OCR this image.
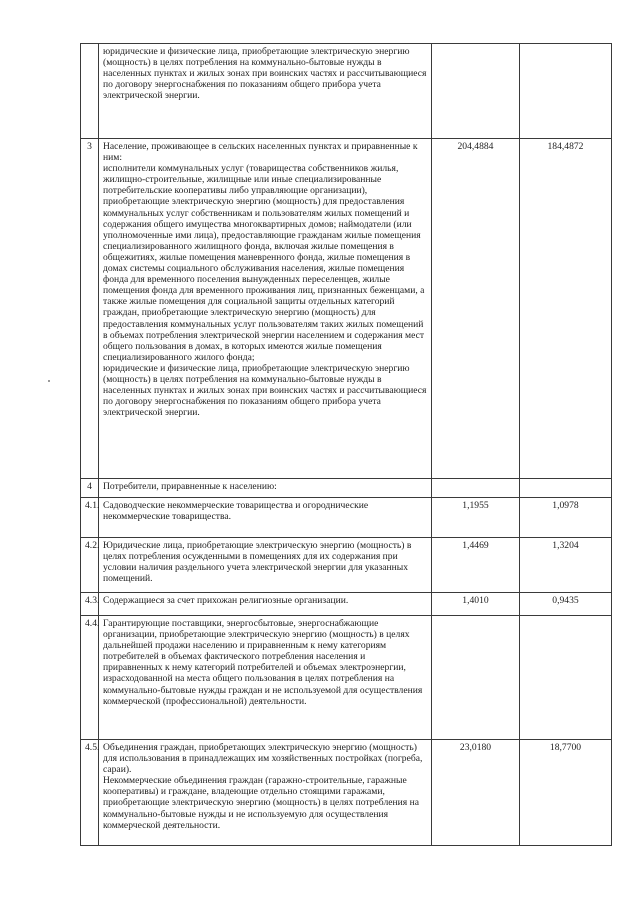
	юридические и физические лица, приобретающие электрическую энергию (мощность) в целях потребления на коммунально-бытовые нужды в населенных пунктах и жилых зонах при воинских частях и рассчитывающиеся по договору энергоснабжения по показаниям общего прибора учета электрической энергии.		

3	Население, проживающее в сельских населенных пунктах и приравненные к ним:
исполнители коммунальных услуг (товарищества собственников жилья, жилищно-строительные, жилищные или иные специализированные потребительские кооперативы либо управляющие организации), приобретающие электрическую энергию (мощность) для предоставления коммунальных услуг собственникам и пользователям жилых помещений и содержания общего имущества многоквартирных домов; наймодатели (или уполномоченные ими лица), предоставляющие гражданам жилые помещения специализированного жилищного фонда, включая жилые помещения в общежитиях, жилые помещения маневренного фонда, жилые помещения в домах системы социального обслуживания населения, жилые помещения фонда для временного поселения вынужденных переселенцев, жилые помещения фонда для временного проживания лиц, признанных беженцами, а также жилые помещения для социальной защиты отдельных категорий граждан, приобретающие электрическую энергию (мощность) для предоставления коммунальных услуг пользователям таких жилых помещений в объемах потребления электрической энергии населением и содержания мест общего пользования в домах, в которых имеются жилые помещения специализированного жилого фонда;
юридические и физические лица, приобретающие электрическую энергию (мощность) в целях потребления на коммунально-бытовые нужды в населенных пунктах и жилых зонах при воинских частях и рассчитывающиеся по договору энергоснабжения по показаниям общего прибора учета электрической энергии.	204,4884	184,4872
4	Потребители, приравненные к населению:		

4.1.	Садоводческие некоммерческие товарищества и огороднические некоммерческие товарищества.	1,1955	1,0978
4.2.	Юридические лица, приобретающие электрическую энергию (мощность) в целях потребления осужденными в помещениях для их содержания при условии наличия раздельного учета электрической энергии для указанных помещений.	1,4469	1,3204
4.3.	Содержащиеся за счет прихожан религиозные организации.	1,4010	0,9435
4.4.	Гарантирующие поставщики, энергосбытовые, энергоснабжающие организации, приобретающие электрическую энергию (мощность) в целях дальнейшей продажи населению и приравненным к нему категориям потребителей в объемах фактического потребления населения и приравненных к нему категорий потребителей и объемах электроэнергии, израсходованной на места общего пользования в целях потребления на коммунально-бытовые нужды граждан и не используемой для осуществления коммерческой (профессиональной) деятельности.		

4.5.	Объединения граждан, приобретающих электрическую энергию (мощность) для использования в принадлежащих им хозяйственных постройках (погреба, сараи).
Некоммерческие объединения граждан (гаражно-строительные, гаражные кооперативы) и граждане, владеющие отдельно стоящими гаражами, приобретающие электрическую энергию (мощность) в целях потребления на коммунально-бытовые нужды и не используемую для осуществления коммерческой деятельности.	23,0180	18,7700
